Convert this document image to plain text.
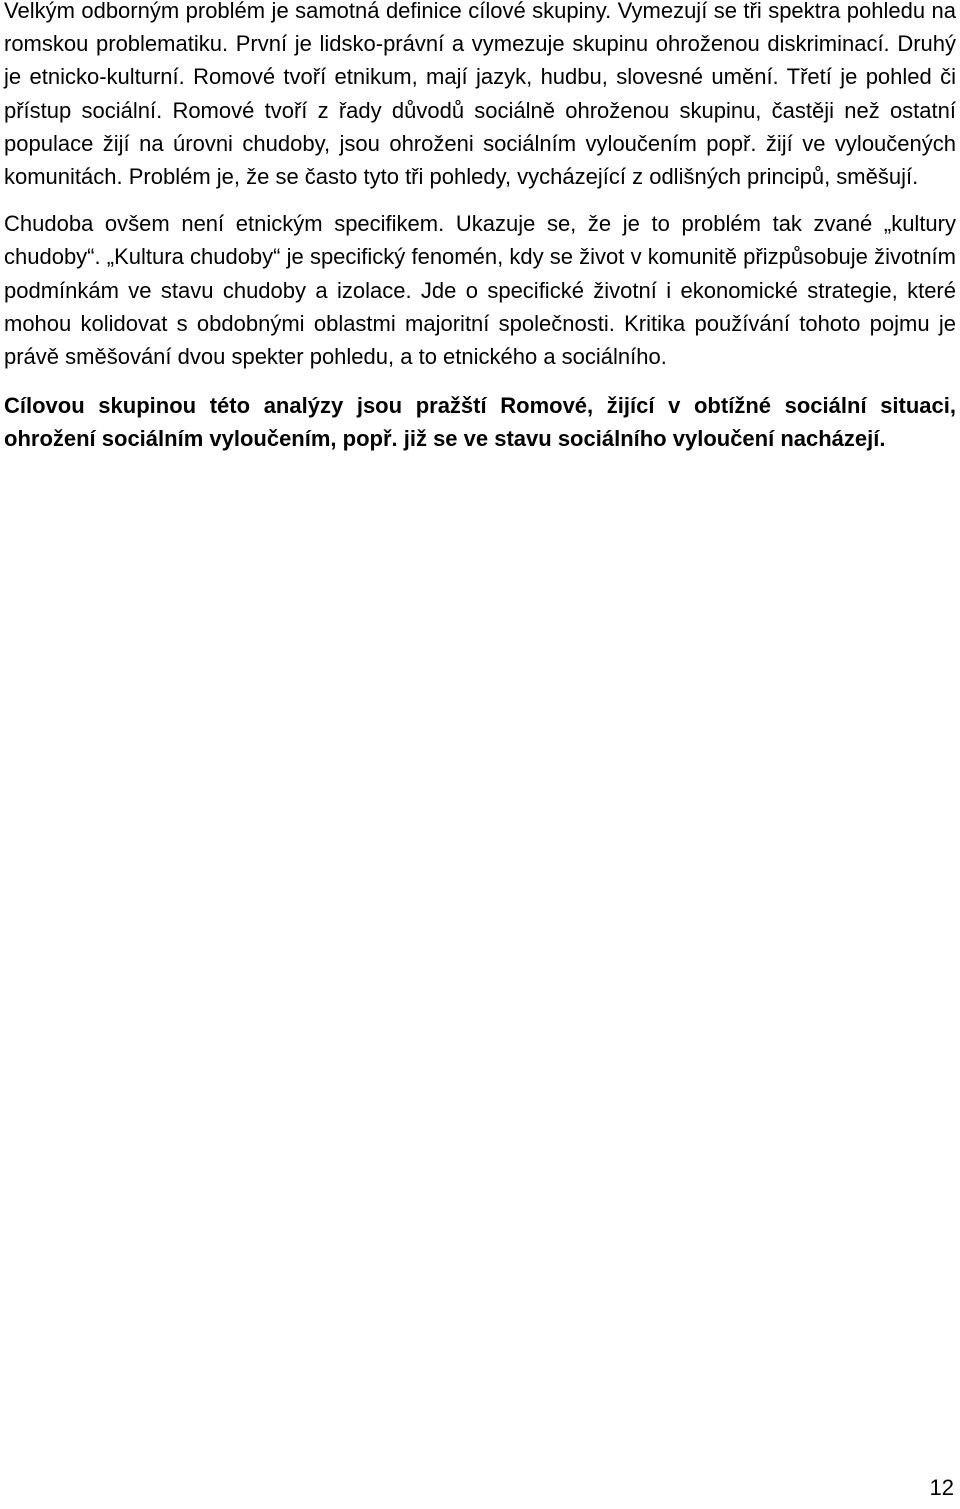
Velkým odborným problém je samotná definice cílové skupiny. Vymezují se tři spektra pohledu na romskou problematiku. První je lidsko-právní a vymezuje skupinu ohroženou diskriminací. Druhý je etnicko-kulturní. Romové tvoří etnikum, mají jazyk, hudbu, slovesné umění. Třetí je pohled či přístup sociální. Romové tvoří z řady důvodů sociálně ohroženou skupinu, častěji než ostatní populace žijí na úrovni chudoby, jsou ohroženi sociálním vyloučením popř. žijí ve vyloučených komunitách. Problém je, že se často tyto tři pohledy, vycházející z odlišných principů, směšují.

Chudoba ovšem není etnickým specifikem. Ukazuje se, že je to problém tak zvané „kultury chudoby“. „Kultura chudoby“ je specifický fenomén, kdy se život v komunitě přizpůsobuje životním podmínkám ve stavu chudoby a izolace. Jde o specifické životní i ekonomické strategie, které mohou kolidovat s obdobnými oblastmi majoritní společnosti. Kritika používání tohoto pojmu je právě směšování dvou spekter pohledu, a to etnického a sociálního.

Cílovou skupinou této analýzy jsou pražští Romové, žijící v obtížné sociální situaci, ohrožení sociálním vyloučením, popř. již se ve stavu sociálního vyloučení nacházejí.

12
